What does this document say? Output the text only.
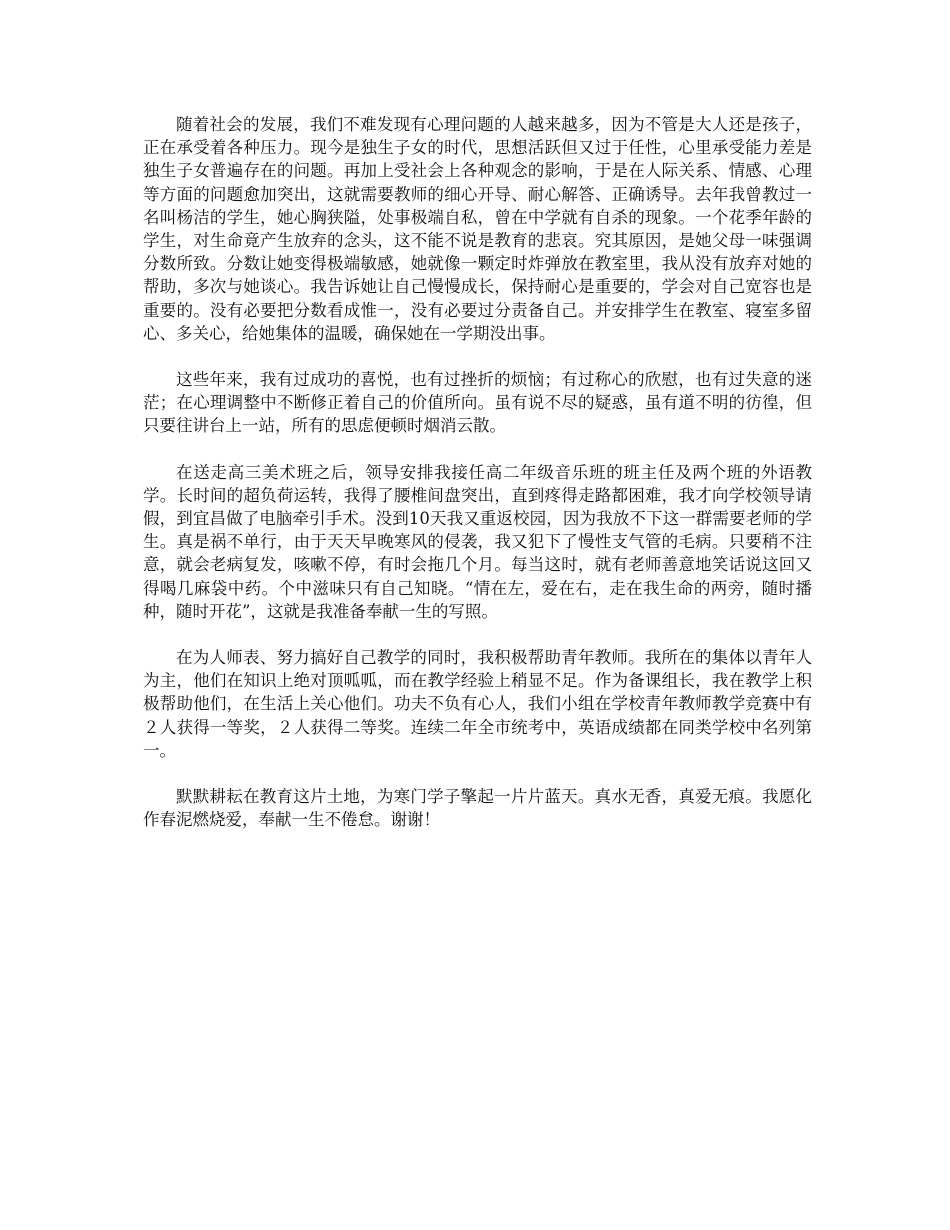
随着社会的发展，我们不难发现有心理问题的人越来越多，因为不管是大人还是孩子，正在承受着各种压力。现今是独生子女的时代，思想活跃但又过于任性，心里承受能力差是独生子女普遍存在的问题。再加上受社会上各种观念的影响，于是在人际关系、情感、心理等方面的问题愈加突出，这就需要教师的细心开导、耐心解答、正确诱导。去年我曾教过一名叫杨洁的学生，她心胸狭隘，处事极端自私，曾在中学就有自杀的现象。一个花季年龄的学生，对生命竟产生放弃的念头，这不能不说是教育的悲哀。究其原因，是她父母一味强调分数所致。分数让她变得极端敏感，她就像一颗定时炸弹放在教室里，我从没有放弃对她的帮助，多次与她谈心。我告诉她让自己慢慢成长，保持耐心是重要的，学会对自己宽容也是重要的。没有必要把分数看成惟一，没有必要过分责备自己。并安排学生在教室、寝室多留心、多关心，给她集体的温暖，确保她在一学期没出事。

这些年来，我有过成功的喜悦，也有过挫折的烦恼；有过称心的欣慰，也有过失意的迷茫；在心理调整中不断修正着自己的价值所向。虽有说不尽的疑惑，虽有道不明的彷徨，但只要往讲台上一站，所有的思虑便顿时烟消云散。

在送走高三美术班之后，领导安排我接任高二年级音乐班的班主任及两个班的外语教学。长时间的超负荷运转，我得了腰椎间盘突出，直到疼得走路都困难，我才向学校领导请假，到宜昌做了电脑牵引手术。没到10天我又重返校园，因为我放不下这一群需要老师的学生。真是祸不单行，由于天天早晚寒风的侵袭，我又犯下了慢性支气管的毛病。只要稍不注意，就会老病复发，咳嗽不停，有时会拖几个月。每当这时，就有老师善意地笑话说这回又得喝几麻袋中药。个中滋味只有自己知晓。“情在左，爱在右，走在我生命的两旁，随时播种，随时开花”，这就是我准备奉献一生的写照。

在为人师表、努力搞好自己教学的同时，我积极帮助青年教师。我所在的集体以青年人为主，他们在知识上绝对顶呱呱，而在教学经验上稍显不足。作为备课组长，我在教学上积极帮助他们，在生活上关心他们。功夫不负有心人，我们小组在学校青年教师教学竞赛中有２人获得一等奖，２人获得二等奖。连续二年全市统考中，英语成绩都在同类学校中名列第一。

默默耕耘在教育这片土地，为寒门学子擎起一片片蓝天。真水无香，真爱无痕。我愿化作春泥燃烧爱，奉献一生不倦怠。谢谢！
